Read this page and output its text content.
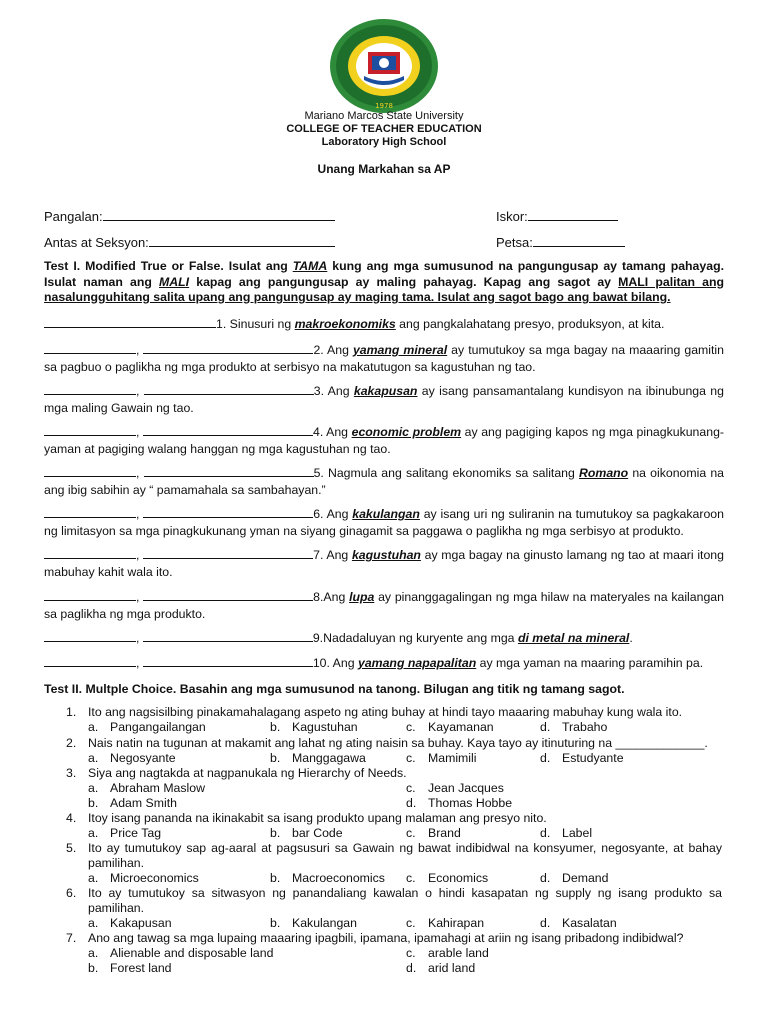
1978
Mariano Marcos State University
COLLEGE OF TEACHER EDUCATION
Laboratory High School
Unang Markahan sa AP
Pangalan:	Iskor:
Antas at Seksyon:	Petsa:
Test I. Modified True or False. Isulat ang TAMA kung ang mga sumusunod na pangungusap ay tamang pahayag. Isulat naman ang MALI kapag ang pangungusap ay maling pahayag. Kapag ang sagot ay MALI palitan ang nasalungguhitang salita upang ang pangungusap ay maging tama. Isulat ang sagot bago ang bawat bilang.
1. Sinusuri ng makroekonomiks ang pangkalahatang presyo, produksyon, at kita.
,	2. Ang yamang mineral ay tumutukoy sa mga bagay na maaaring gamitin sa pagbuo o paglikha ng mga produkto at serbisyo na makatutugon sa kagustuhan ng tao.
,	3. Ang kakapusan ay isang pansamantalang kundisyon na ibinubunga ng mga maling Gawain ng tao.
,	4. Ang economic problem ay ang pagiging kapos ng mga pinagkukunang-yaman at pagiging walang hanggan ng mga kagustuhan ng tao.
,	5. Nagmula ang salitang ekonomiks sa salitang Romano na oikonomia na ang ibig sabihin ay “ pamamahala sa sambahayan.”
,	6. Ang kakulangan ay isang uri ng suliranin na tumutukoy sa pagkakaroon ng limitasyon sa mga pinagkukunang yman na siyang ginagamit sa paggawa o paglikha ng mga serbisyo at produkto.
,	7. Ang kagustuhan ay mga bagay na ginusto lamang ng tao at maari itong mabuhay kahit wala ito.
,	8.Ang lupa ay pinanggagalingan ng mga hilaw na materyales na kailangan sa paglikha ng mga produkto.
,	9.Nadadaluyan ng kuryente ang mga di metal na mineral.
,	10. Ang yamang napapalitan ay mga yaman na maaring paramihin pa.
Test II. Multple Choice. Basahin ang mga sumusunod na tanong. Bilugan ang titik ng tamang sagot.
1. Ito ang nagsisilbing pinakamahalagang aspeto ng ating buhay at hindi tayo maaaring mabuhay kung wala ito.
a. Pangangailangan	b. Kagustuhan	c. Kayamanan	d. Trabaho
2. Nais natin na tugunan at makamit ang lahat ng ating naisin sa buhay. Kaya tayo ay itinuturing na _____________.
a. Negosyante	b. Manggagawa	c. Mamimili	d. Estudyante
3. Siya ang nagtakda at nagpanukala ng Hierarchy of Needs.
a. Abraham Maslow	c. Jean Jacques
b. Adam Smith	d. Thomas Hobbe
4. Itoy isang pananda na ikinakabit sa isang produkto upang malaman ang presyo nito.
a. Price Tag	b. bar Code	c. Brand	d. Label
5. Ito ay tumutukoy sap ag-aaral at pagsusuri sa Gawain ng bawat indibidwal na konsyumer, negosyante, at bahay pamilihan.
a. Microeconomics	b. Macroeconomics c. Economics	d. Demand
6. Ito ay tumutukoy sa sitwasyon ng panandaliang kawalan o hindi kasapatan ng supply ng isang produkto sa pamilihan.
a. Kakapusan	b. Kakulangan	c. Kahirapan	d. Kasalatan
7. Ano ang tawag sa mga lupaing maaaring ipagbili, ipamana, ipamahagi at ariin ng isang pribadong indibidwal?
a. Alienable and disposable land	c. arable land
b. Forest land	d. arid land
